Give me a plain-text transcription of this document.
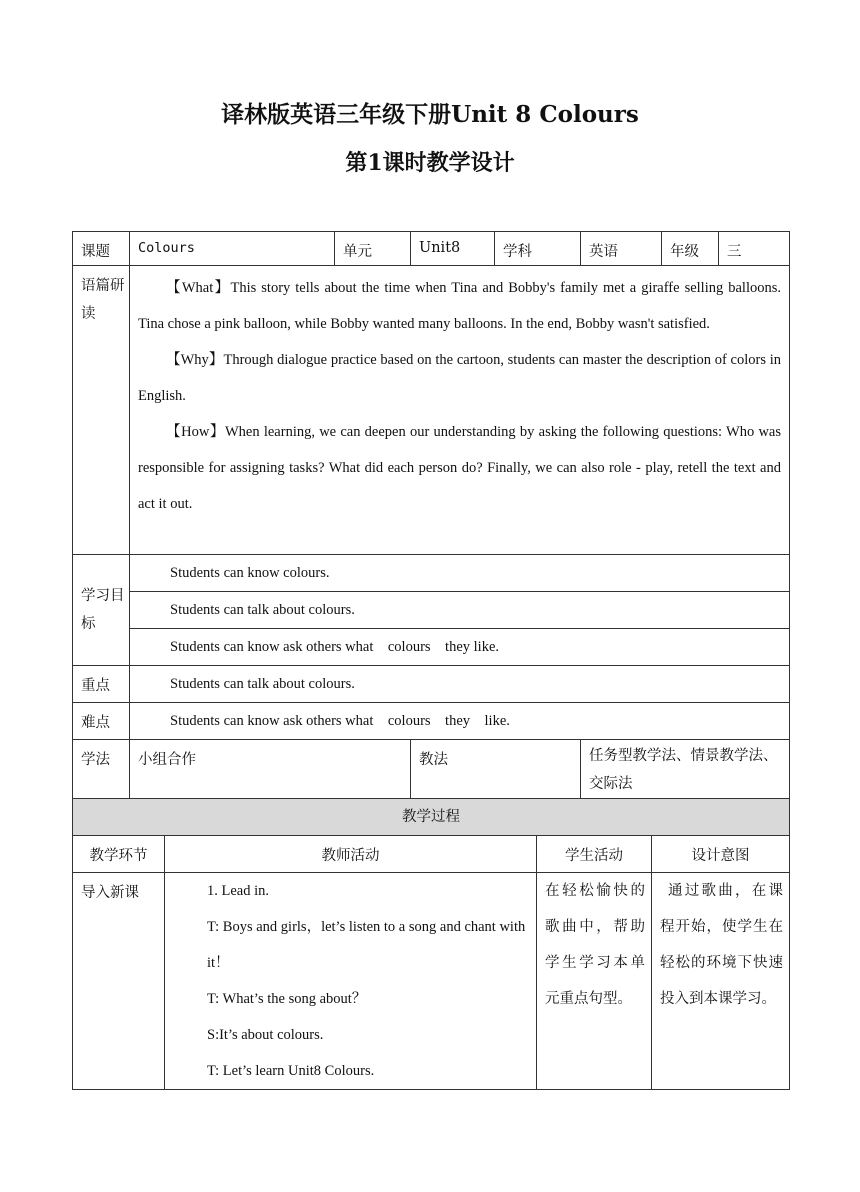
译林版英语三年级下册Unit 8 Colours
第1课时教学设计
课题	Colours	单元	Unit8	学科	英语	年级	三
语篇研读	【What】This story tells about the time when Tina and Bobby's family met a giraffe selling balloons. Tina chose a pink balloon, while Bobby wanted many balloons. In the end, Bobby wasn't satisfied.

【Why】Through dialogue practice based on the cartoon, students can master the description of colors in English.

【How】When learning, we can deepen our understanding by asking the following questions: Who was responsible for assigning tasks? What did each person do? Finally, we can also role - play, retell the text and act it out.						

学习目标	Students can know colours.						
	Students can talk about colours.						
	Students can know ask others what    colours    they like.						
重点	Students can talk about colours.						
难点	Students can know ask others what    colours    they    like.						
学法	小组合作		教法		任务型教学法、情景教学法、交际法		
教学过程			
教学环节	教师活动	学生活动	设计意图
导入新课	1. Lead in.

T: Boys and girls，let’s listen to a song and chant with it！

T: What’s the song about？

S:It’s about colours.

T: Let’s learn Unit8 Colours.	在轻松愉快的歌曲中，帮助学生学习本单元重点句型。	通过歌曲，在课程开始，使学生在轻松的环境下快速投入到本课学习。
